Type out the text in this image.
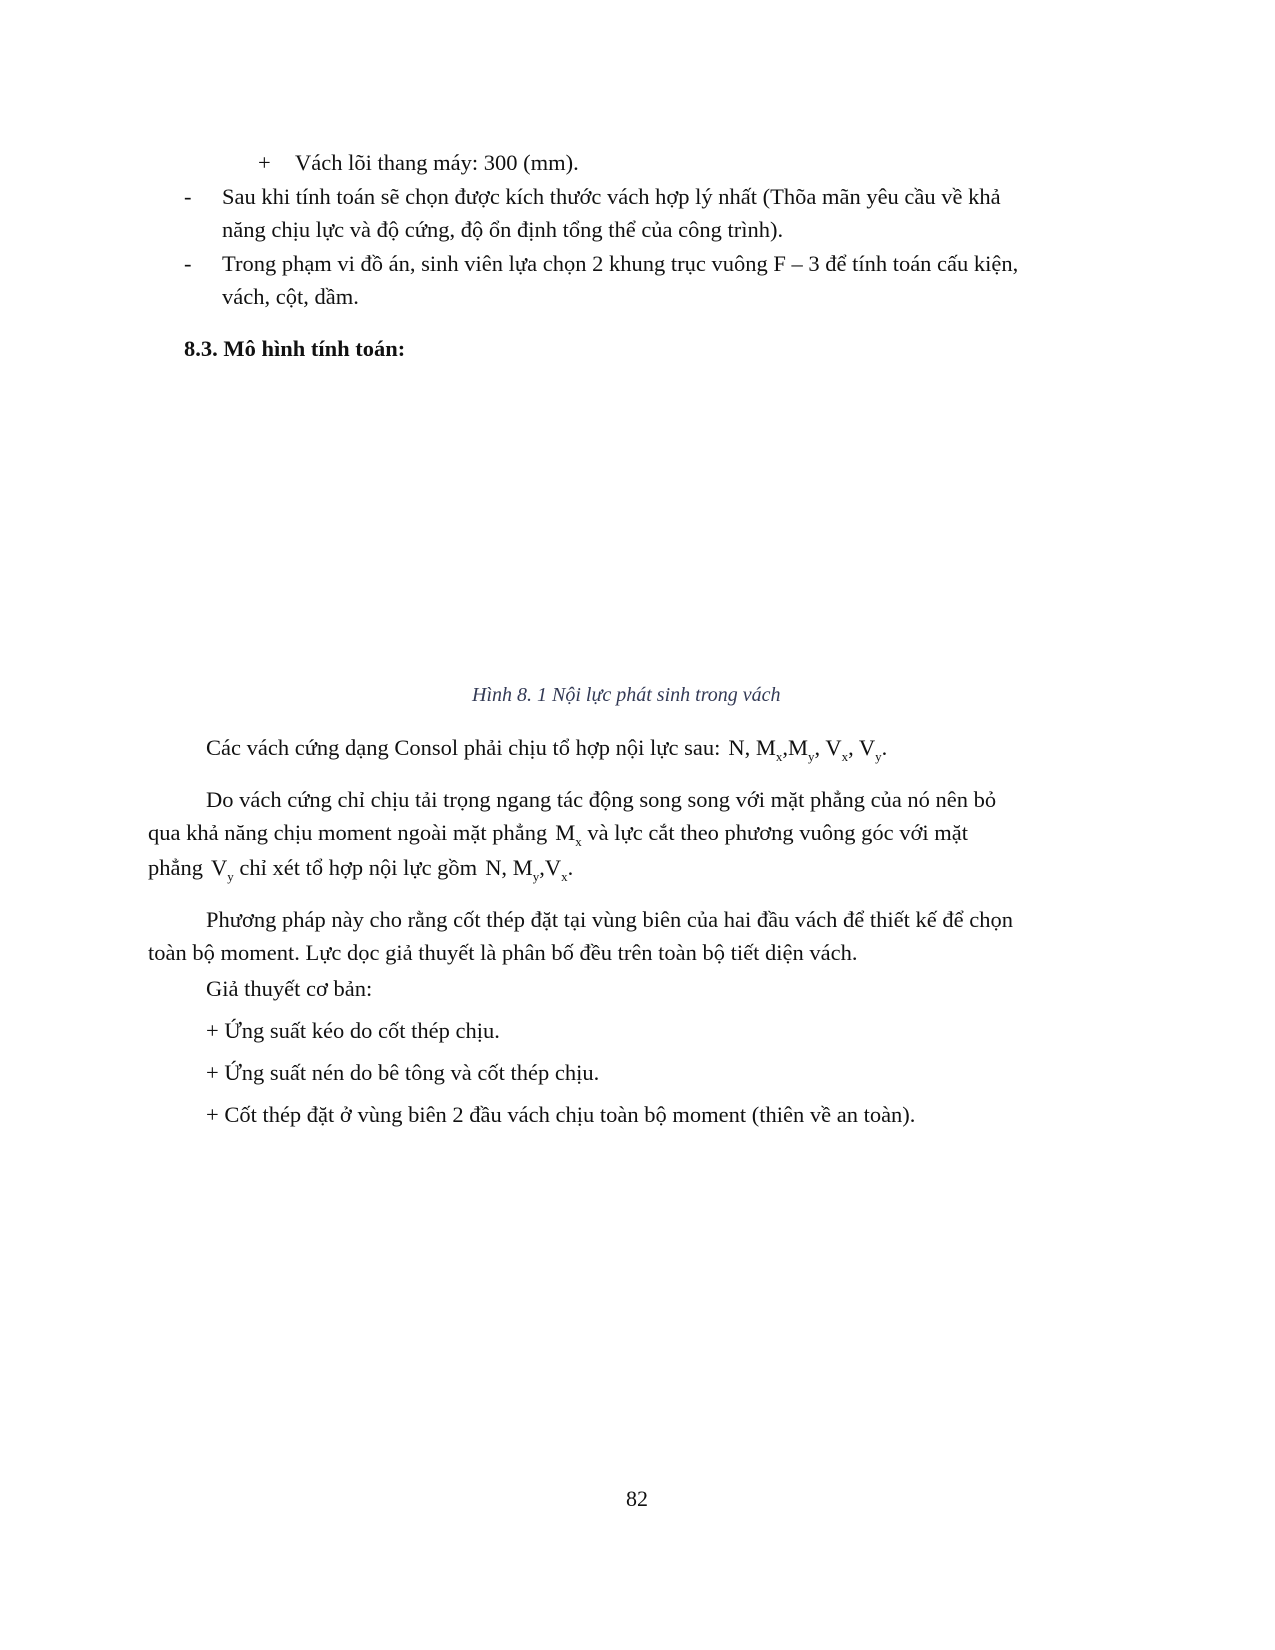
+ Vách lõi thang máy: 300 (mm).
- Sau khi tính toán sẽ chọn được kích thước vách hợp lý nhất (Thõa mãn yêu cầu về khả
năng chịu lực và độ cứng, độ ổn định tổng thể của công trình).
- Trong phạm vi đồ án, sinh viên lựa chọn 2 khung trục vuông F – 3 để tính toán cấu kiện,
vách, cột, dầm.
8.3. Mô hình tính toán:
Hình 8. 1 Nội lực phát sinh trong vách
Các vách cứng dạng Consol phải chịu tổ hợp nội lực sau: N, $M_x,M_y$, $V_x$, $V_y$.
Do vách cứng chỉ chịu tải trọng ngang tác động song song với mặt phẳng của nó nên bỏ
qua khả năng chịu moment ngoài mặt phẳng $M_x$ và lực cắt theo phương vuông góc với mặt
phẳng $V_y$ chỉ xét tổ hợp nội lực gồm N, $M_y,V_x$.
Phương pháp này cho rằng cốt thép đặt tại vùng biên của hai đầu vách để thiết kế để chọn
toàn bộ moment. Lực dọc giả thuyết là phân bố đều trên toàn bộ tiết diện vách.
Giả thuyết cơ bản:
+ Ứng suất kéo do cốt thép chịu.
+ Ứng suất nén do bê tông và cốt thép chịu.
+ Cốt thép đặt ở vùng biên 2 đầu vách chịu toàn bộ moment (thiên về an toàn).
82
